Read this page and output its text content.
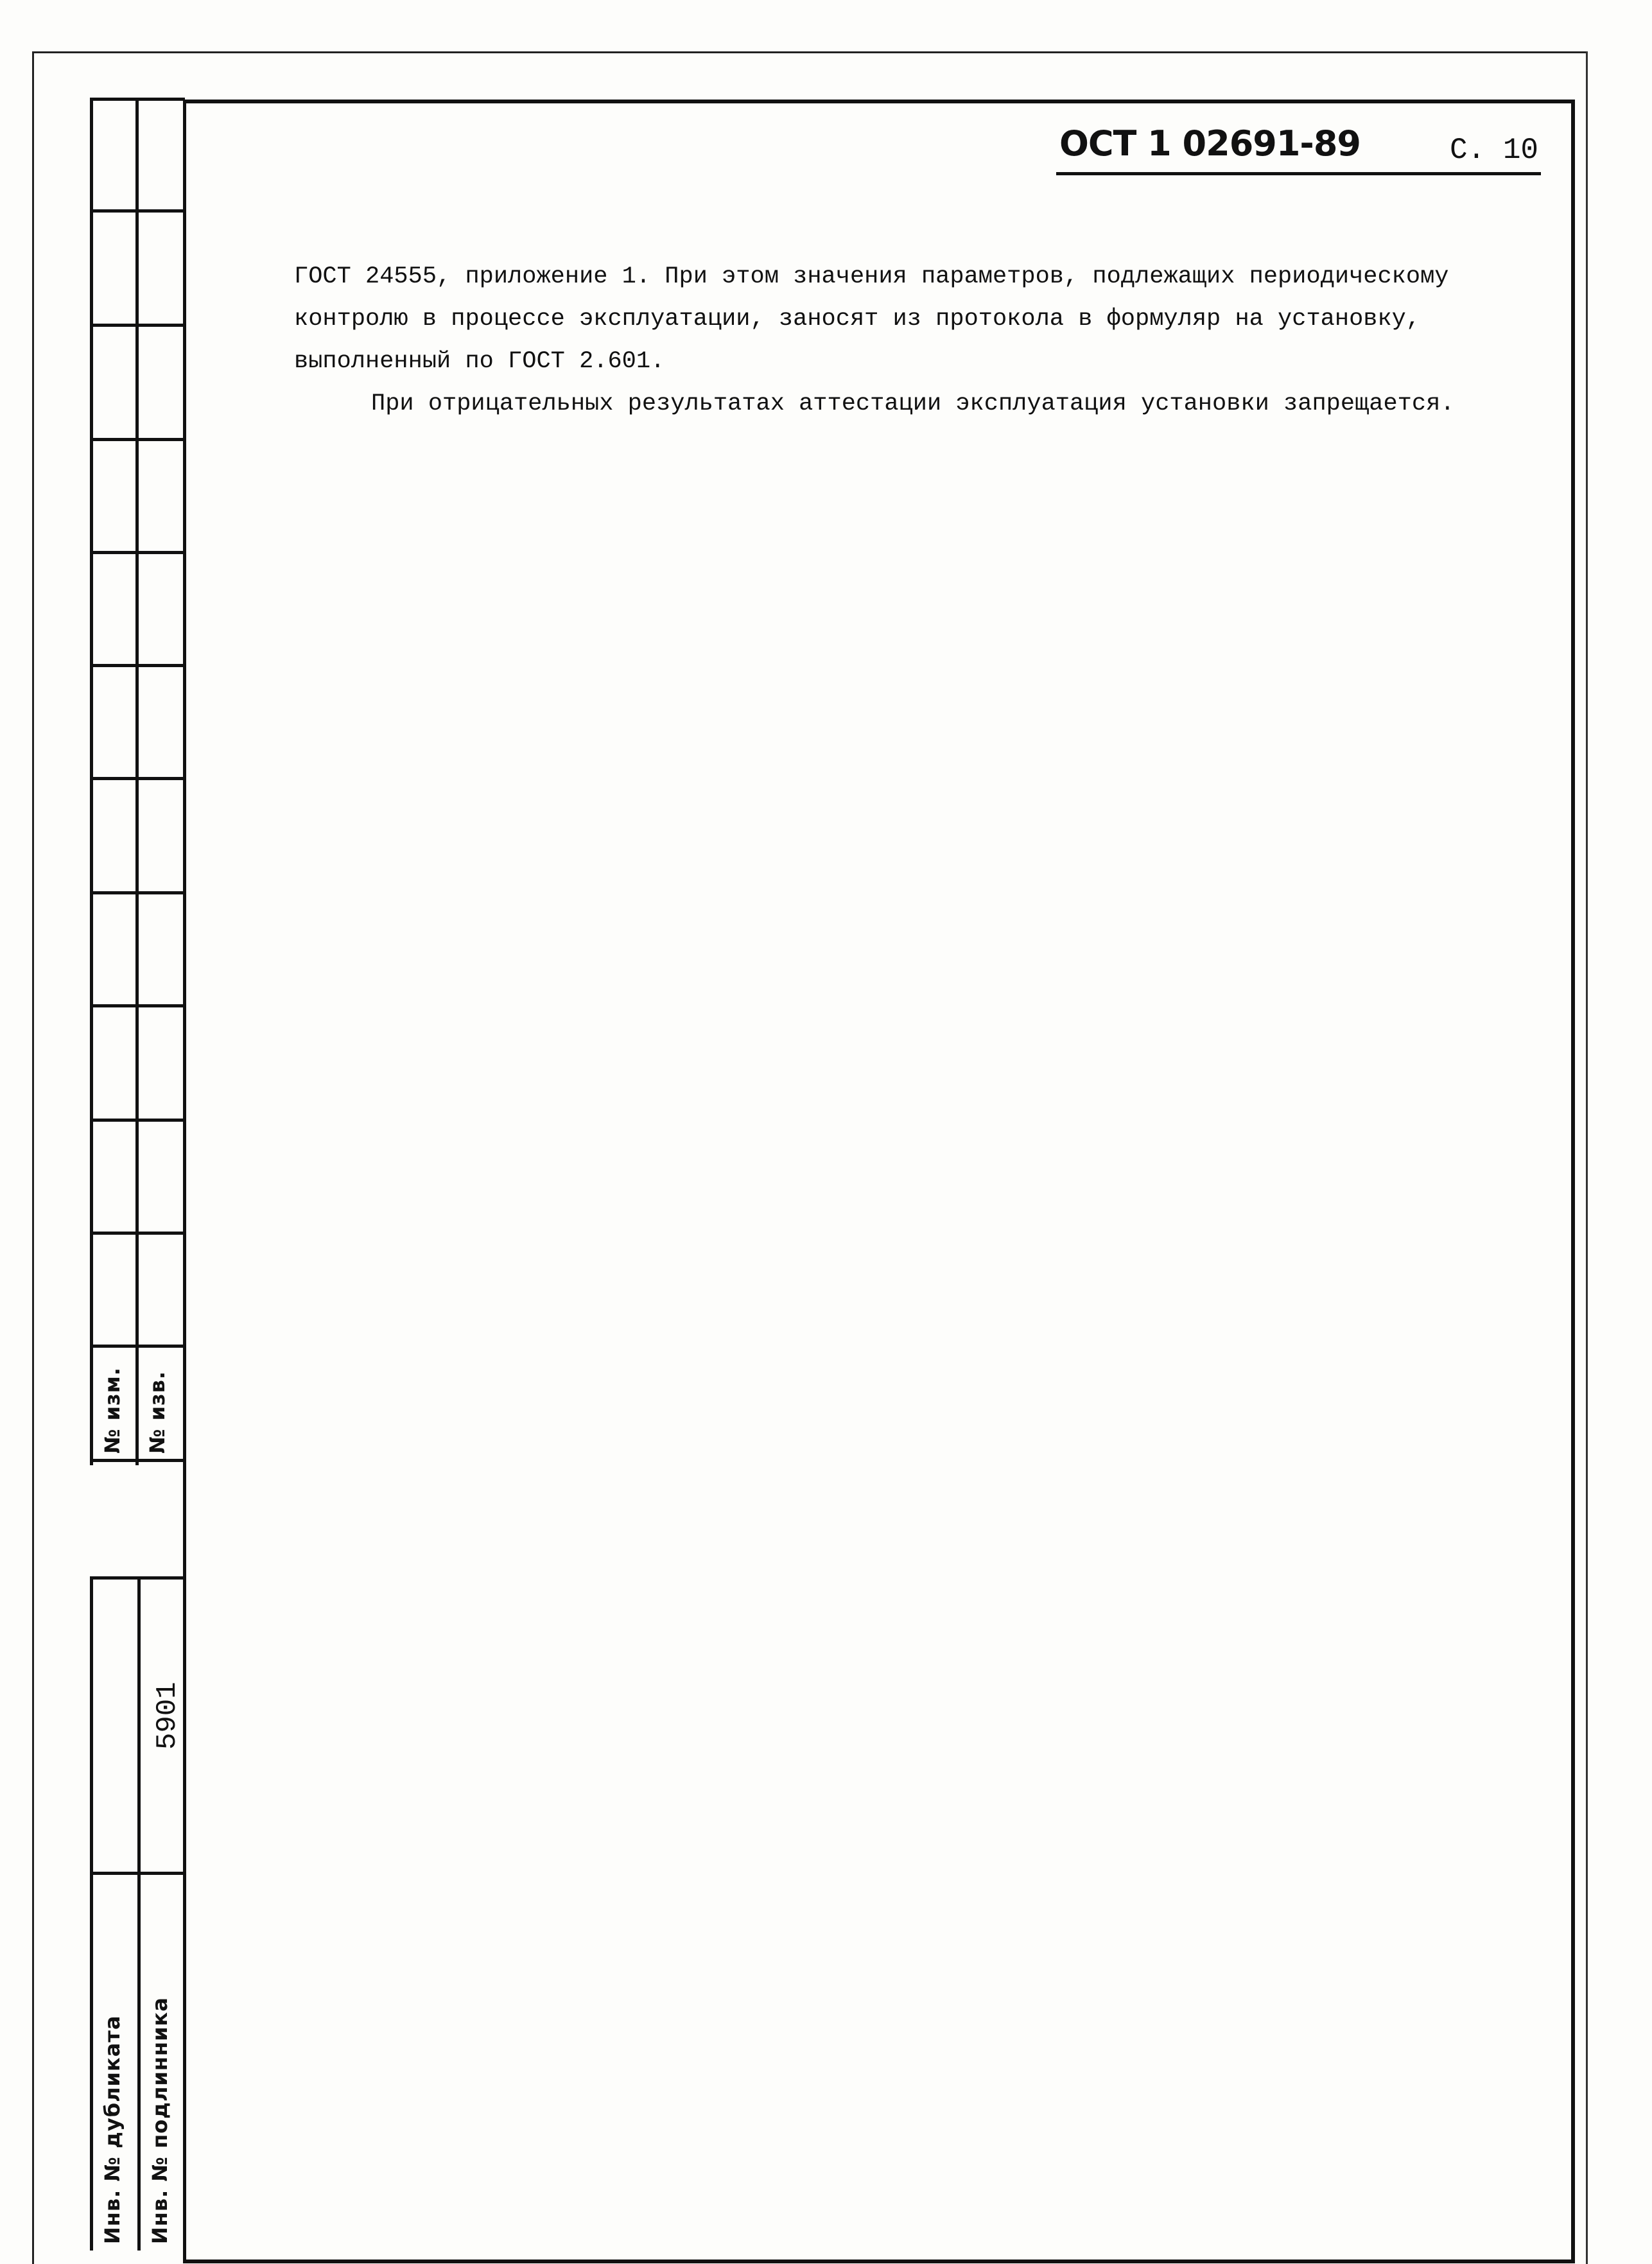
№ изм. № изв.
5901
Инв. № дубликата Инв. № подлинника
ОСТ 1 02691-89	С. 10

ГОСТ 24555, приложение 1. При этом значения параметров, подлежащих периодическому контролю в процессе эксплуатации, заносят из протокола в формуляр на установку, выполненный по ГОСТ 2.601.

При отрицательных результатах аттестации эксплуатация установки запрещается.
